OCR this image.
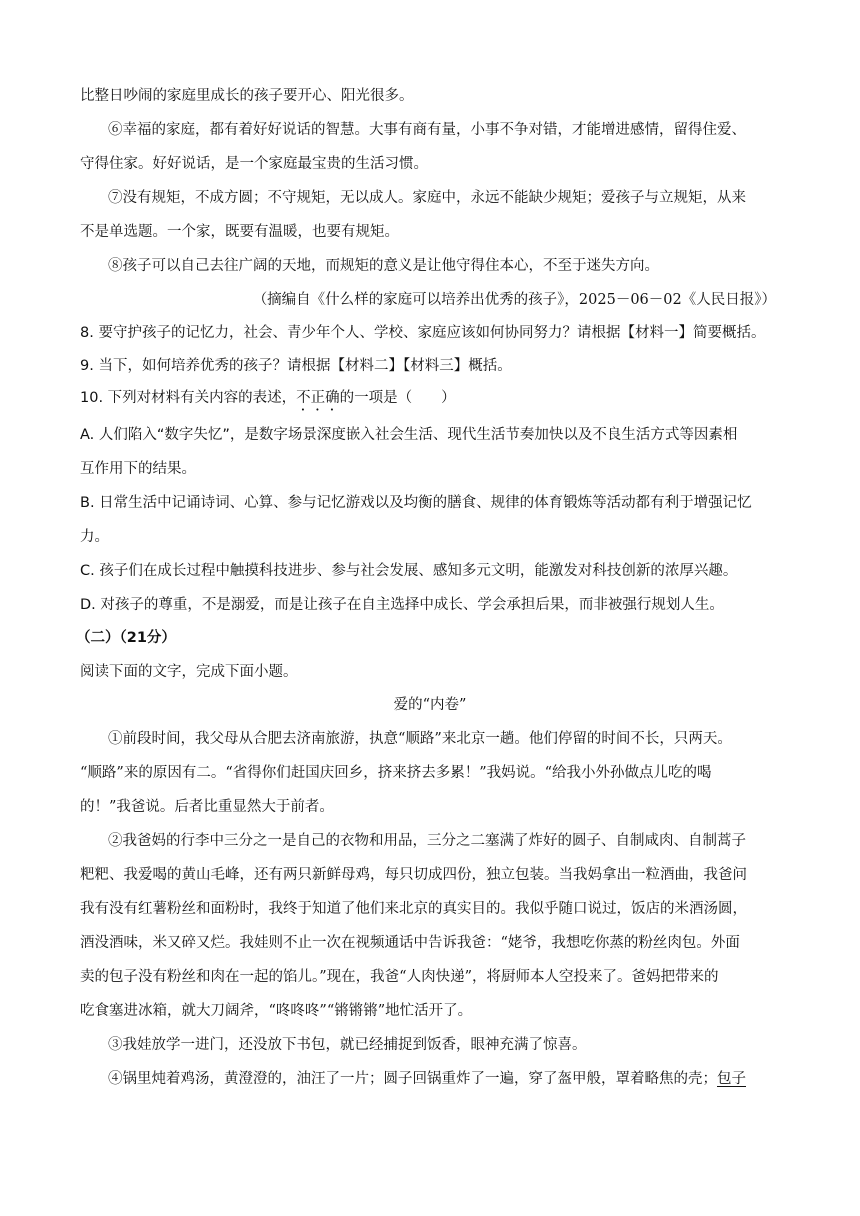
比整日吵闹的家庭里成长的孩子要开心、阳光很多。
⑥幸福的家庭，都有着好好说话的智慧。大事有商有量，小事不争对错，才能增进感情，留得住爱、
守得住家。好好说话，是一个家庭最宝贵的生活习惯。
⑦没有规矩，不成方圆；不守规矩，无以成人。家庭中，永远不能缺少规矩；爱孩子与立规矩，从来
不是单选题。一个家，既要有温暖，也要有规矩。
⑧孩子可以自己去往广阔的天地，而规矩的意义是让他守得住本心，不至于迷失方向。
（摘编自《什么样的家庭可以培养出优秀的孩子》，2025－06－02《人民日报》）
8. 要守护孩子的记忆力，社会、青少年个人、学校、家庭应该如何协同努力？请根据【材料一】简要概括。
9. 当下，如何培养优秀的孩子？请根据【材料二】【材料三】概括。
10. 下列对材料有关内容的表述，不正确的一项是（　　）
A. 人们陷入“数字失忆”，是数字场景深度嵌入社会生活、现代生活节奏加快以及不良生活方式等因素相
互作用下的结果。
B. 日常生活中记诵诗词、心算、参与记忆游戏以及均衡的膳食、规律的体育锻炼等活动都有利于增强记忆
力。
C. 孩子们在成长过程中触摸科技进步、参与社会发展、感知多元文明，能激发对科技创新的浓厚兴趣。
D. 对孩子的尊重，不是溺爱，而是让孩子在自主选择中成长、学会承担后果，而非被强行规划人生。
（二）（21分）
阅读下面的文字，完成下面小题。
爱的“内卷”
①前段时间，我父母从合肥去济南旅游，执意“顺路”来北京一趟。他们停留的时间不长，只两天。
“顺路”来的原因有二。“省得你们赶国庆回乡，挤来挤去多累！”我妈说。“给我小外孙做点儿吃的喝
的！”我爸说。后者比重显然大于前者。
②我爸妈的行李中三分之一是自己的衣物和用品，三分之二塞满了炸好的圆子、自制咸肉、自制蒿子
粑粑、我爱喝的黄山毛峰，还有两只新鲜母鸡，每只切成四份，独立包装。当我妈拿出一粒酒曲，我爸问
我有没有红薯粉丝和面粉时，我终于知道了他们来北京的真实目的。我似乎随口说过，饭店的米酒汤圆，
酒没酒味，米又碎又烂。我娃则不止一次在视频通话中告诉我爸：“姥爷，我想吃你蒸的粉丝肉包。外面
卖的包子没有粉丝和肉在一起的馅儿。”现在，我爸“人肉快递”，将厨师本人空投来了。爸妈把带来的
吃食塞进冰箱，就大刀阔斧，“咚咚咚”“锵锵锵”地忙活开了。
③我娃放学一进门，还没放下书包，就已经捕捉到饭香，眼神充满了惊喜。
④锅里炖着鸡汤，黄澄澄的，油汪了一片；圆子回锅重炸了一遍，穿了盔甲般，罩着略焦的壳；包子
